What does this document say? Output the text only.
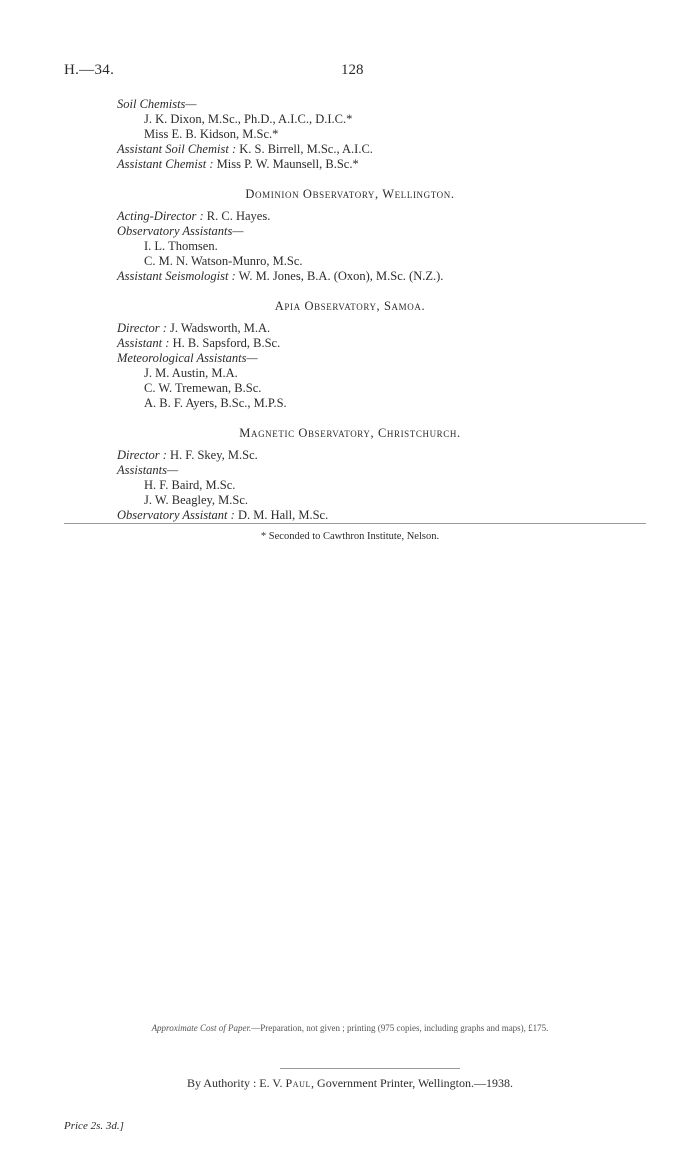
H.—34.	128
Soil Chemists—
J. K. Dixon, M.Sc., Ph.D., A.I.C., D.I.C.*
Miss E. B. Kidson, M.Sc.*
Assistant Soil Chemist : K. S. Birrell, M.Sc., A.I.C.
Assistant Chemist : Miss P. W. Maunsell, B.Sc.*
Dominion Observatory, Wellington.
Acting-Director : R. C. Hayes.
Observatory Assistants—
I. L. Thomsen.
C. M. N. Watson-Munro, M.Sc.
Assistant Seismologist : W. M. Jones, B.A. (Oxon), M.Sc. (N.Z.).
Apia Observatory, Samoa.
Director : J. Wadsworth, M.A.
Assistant : H. B. Sapsford, B.Sc.
Meteorological Assistants—
J. M. Austin, M.A.
C. W. Tremewan, B.Sc.
A. B. F. Ayers, B.Sc., M.P.S.
Magnetic Observatory, Christchurch.
Director : H. F. Skey, M.Sc.
Assistants—
H. F. Baird, M.Sc.
J. W. Beagley, M.Sc.
Observatory Assistant : D. M. Hall, M.Sc.
* Seconded to Cawthron Institute, Nelson.
Approximate Cost of Paper.—Preparation, not given ; printing (975 copies, including graphs and maps), £175.
By Authority : E. V. Paul, Government Printer, Wellington.—1938.
Price 2s. 3d.]
